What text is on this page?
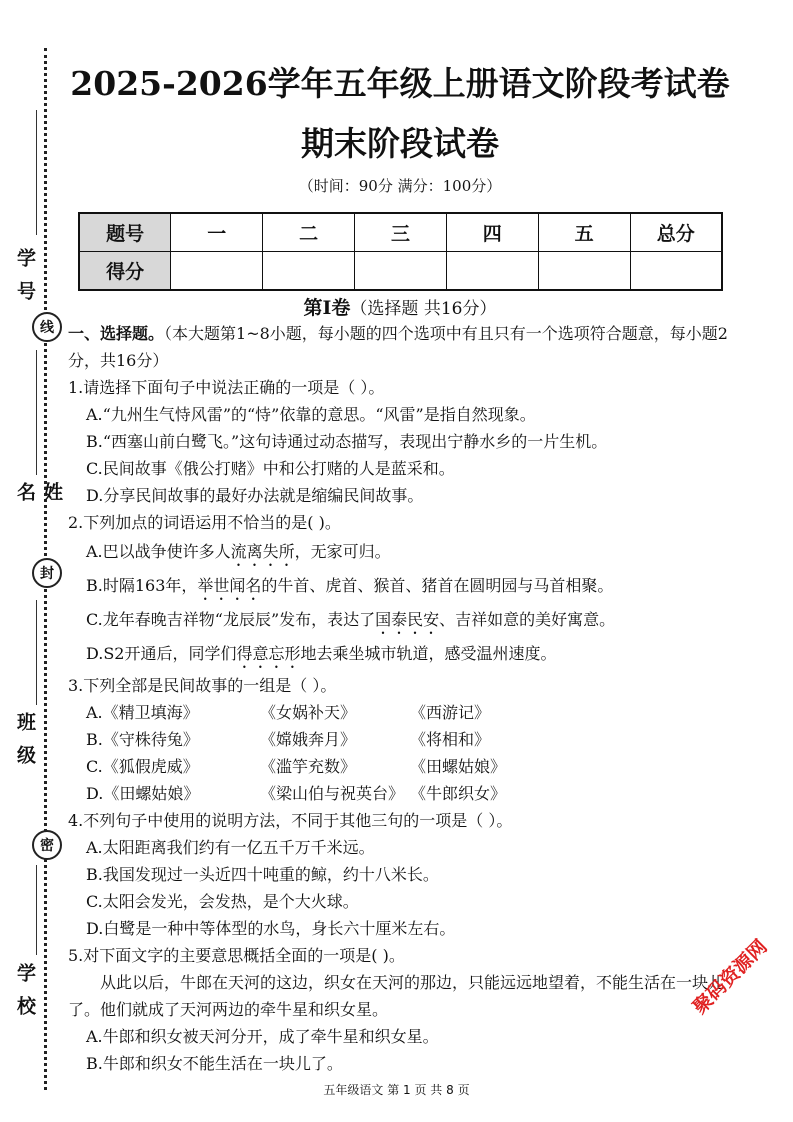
学号
线
姓名
封
班级
密
学校
2025-2026学年五年级上册语文阶段考试卷
期末阶段试卷
（时间：90分 满分：100分）
题号	一	二	三	四	五	总分
得分						
第Ⅰ卷（选择题 共16分）

一、选择题。（本大题第1~8小题，每小题的四个选项中有且只有一个选项符合题意，每小题2分，共16分）

1.请选择下面句子中说法正确的一项是（ ）。

A.“九州生气恃风雷”的“恃”依靠的意思。“风雷”是指自然现象。

B.“西塞山前白鹭飞。”这句诗通过动态描写，表现出宁静水乡的一片生机。

C.民间故事《俄公打赌》中和公打赌的人是蓝采和。

D.分享民间故事的最好办法就是缩编民间故事。

2.下列加点的词语运用不恰当的是( )。

A.巴以战争使许多人流离失所，无家可归。

B.时隔163年，举世闻名的牛首、虎首、猴首、猪首在圆明园与马首相聚。

C.龙年春晚吉祥物“龙辰辰”发布，表达了国泰民安、吉祥如意的美好寓意。

D.S2开通后，同学们得意忘形地去乘坐城市轨道，感受温州速度。

3.下列全部是民间故事的一组是（ ）。

A.《精卫填海》	《女娲补天》	《西游记》
B.《守株待兔》	《嫦娥奔月》	《将相和》
C.《狐假虎威》	《滥竽充数》	《田螺姑娘》
D.《田螺姑娘》	《梁山伯与祝英台》 《牛郎织女》

4.不列句子中使用的说明方法，不同于其他三句的一项是（ ）。

A.太阳距离我们约有一亿五千万千米远。

B.我国发现过一头近四十吨重的鲸，约十八米长。

C.太阳会发光，会发热，是个大火球。

D.白鹭是一种中等体型的水鸟，身长六十厘米左右。

5.对下面文字的主要意思概括全面的一项是( )。

从此以后，牛郎在天河的这边，织女在天河的那边，只能远远地望着，不能生活在一块儿了。他们就成了天河两边的牵牛星和织女星。

A.牛郎和织女被天河分开，成了牵牛星和织女星。

B.牛郎和织女不能生活在一块儿了。

五年级语文 第 1 页 共 8 页
聚码资源网
